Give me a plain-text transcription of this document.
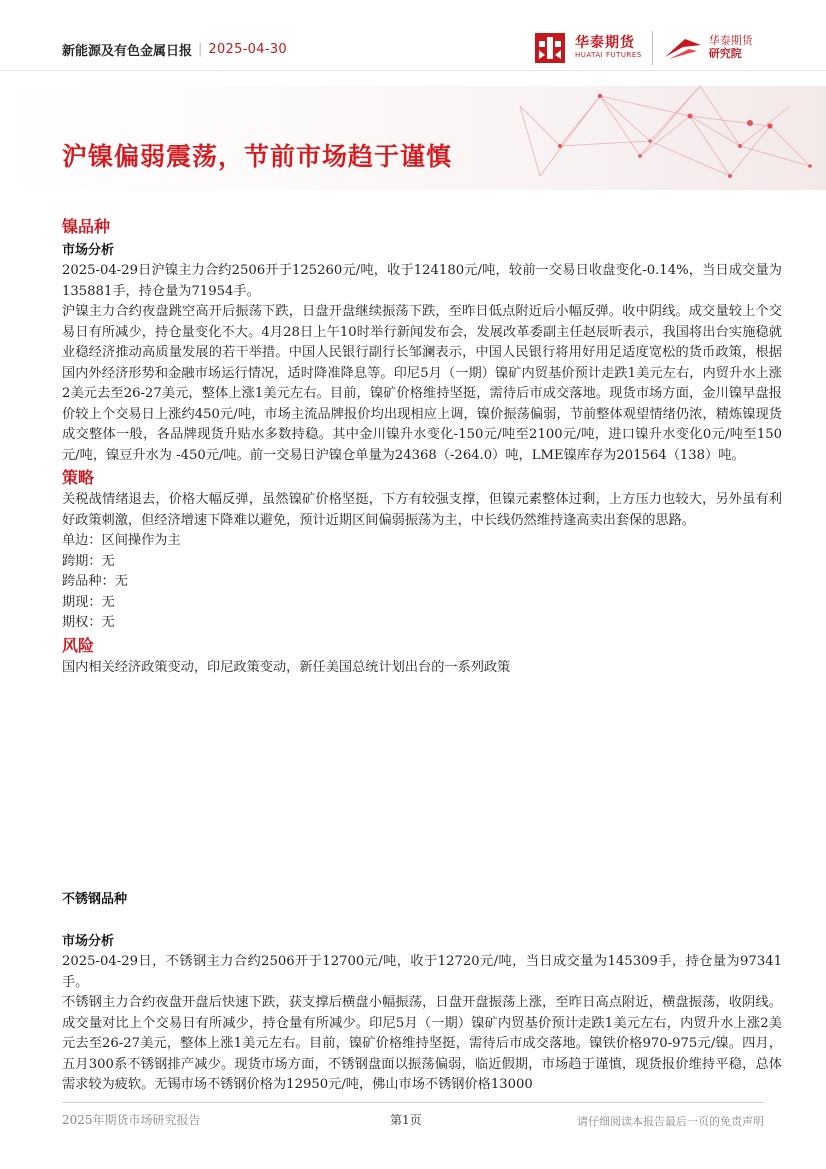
新能源及有色金属日报 | 2025-04-30	华泰期货
HUATAI FUTURES
华泰期货
研究院
沪镍偏弱震荡，节前市场趋于谨慎

镍品种

市场分析

2025-04-29日沪镍主力合约2506开于125260元/吨，收于124180元/吨，较前一交易日收盘变化-0.14%，当日成交量为135881手，持仓量为71954手。

沪镍主力合约夜盘跳空高开后振荡下跌，日盘开盘继续振荡下跌，至昨日低点附近后小幅反弹。收中阴线。成交量较上个交易日有所减少，持仓量变化不大。4月28日上午10时举行新闻发布会，发展改革委副主任赵辰昕表示，我国将出台实施稳就业稳经济推动高质量发展的若干举措。中国人民银行副行长邹澜表示，中国人民银行将用好用足适度宽松的货币政策，根据国内外经济形势和金融市场运行情况，适时降准降息等。印尼5月（一期）镍矿内贸基价预计走跌1美元左右，内贸升水上涨2美元去至26-27美元，整体上涨1美元左右。目前，镍矿价格维持坚挺，需待后市成交落地。现货市场方面，金川镍早盘报价较上个交易日上涨约450元/吨，市场主流品牌报价均出现相应上调，镍价振荡偏弱，节前整体观望情绪仍浓，精炼镍现货成交整体一般，各品牌现货升贴水多数持稳。其中金川镍升水变化-150元/吨至2100元/吨，进口镍升水变化0元/吨至150元/吨，镍豆升水为 -450元/吨。前一交易日沪镍仓单量为24368（-264.0）吨，LME镍库存为201564（138）吨。

策略

关税战情绪退去，价格大幅反弹，虽然镍矿价格坚挺，下方有较强支撑，但镍元素整体过剩，上方压力也较大，另外虽有利好政策刺激，但经济增速下降难以避免，预计近期区间偏弱振荡为主，中长线仍然维持逢高卖出套保的思路。

单边：区间操作为主

跨期：无

跨品种：无

期现：无

期权：无

风险

国内相关经济政策变动，印尼政策变动，新任美国总统计划出台的一系列政策

不锈钢品种

市场分析

2025-04-29日，不锈钢主力合约2506开于12700元/吨，收于12720元/吨，当日成交量为145309手，持仓量为97341手。

不锈钢主力合约夜盘开盘后快速下跌，获支撑后横盘小幅振荡，日盘开盘振荡上涨，至昨日高点附近，横盘振荡，收阴线。成交量对比上个交易日有所减少，持仓量有所减少。印尼5月（一期）镍矿内贸基价预计走跌1美元左右，内贸升水上涨2美元去至26-27美元，整体上涨1美元左右。目前，镍矿价格维持坚挺，需待后市成交落地。镍铁价格970-975元/镍。四月，五月300系不锈钢排产减少。现货市场方面，不锈钢盘面以振荡偏弱，临近假期，市场趋于谨慎，现货报价维持平稳，总体需求较为疲软。无锡市场不锈钢价格为12950元/吨，佛山市场不锈钢价格13000

2025年期货市场研究报告	第1页	请仔细阅读本报告最后一页的免责声明
